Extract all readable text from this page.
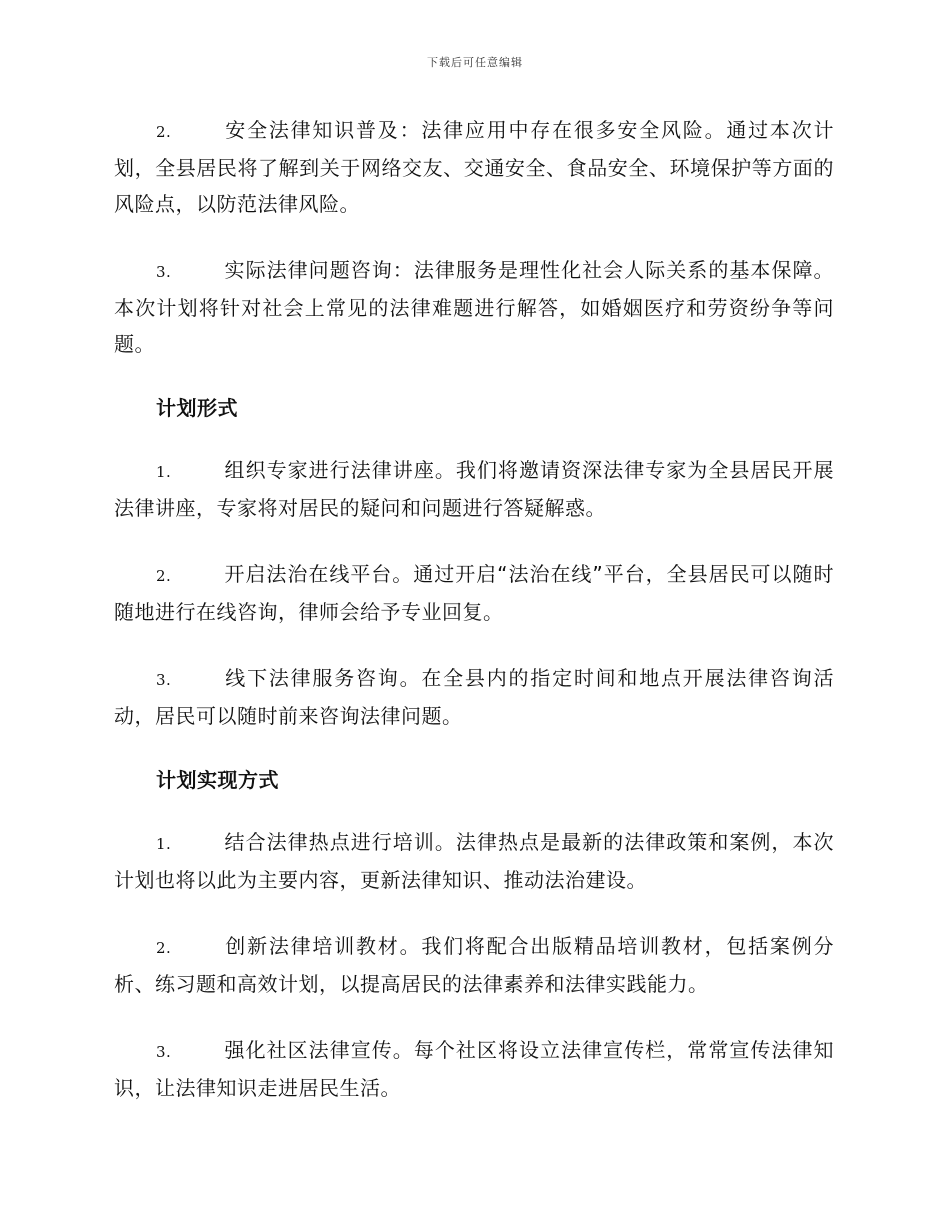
下载后可任意编辑

2.	安全法律知识普及：法律应用中存在很多安全风险。通过本次计划，全县居民将了解到关于网络交友、交通安全、食品安全、环境保护等方面的风险点，以防范法律风险。

3.	实际法律问题咨询：法律服务是理性化社会人际关系的基本保障。本次计划将针对社会上常见的法律难题进行解答，如婚姻医疗和劳资纷争等问题。

计划形式

1.	组织专家进行法律讲座。我们将邀请资深法律专家为全县居民开展法律讲座，专家将对居民的疑问和问题进行答疑解惑。

2.	开启法治在线平台。通过开启“法治在线”平台，全县居民可以随时随地进行在线咨询，律师会给予专业回复。

3.	线下法律服务咨询。在全县内的指定时间和地点开展法律咨询活动，居民可以随时前来咨询法律问题。

计划实现方式

1.	结合法律热点进行培训。法律热点是最新的法律政策和案例，本次计划也将以此为主要内容，更新法律知识、推动法治建设。

2.	创新法律培训教材。我们将配合出版精品培训教材，包括案例分析、练习题和高效计划，以提高居民的法律素养和法律实践能力。

3.	强化社区法律宣传。每个社区将设立法律宣传栏，常常宣传法律知识，让法律知识走进居民生活。
